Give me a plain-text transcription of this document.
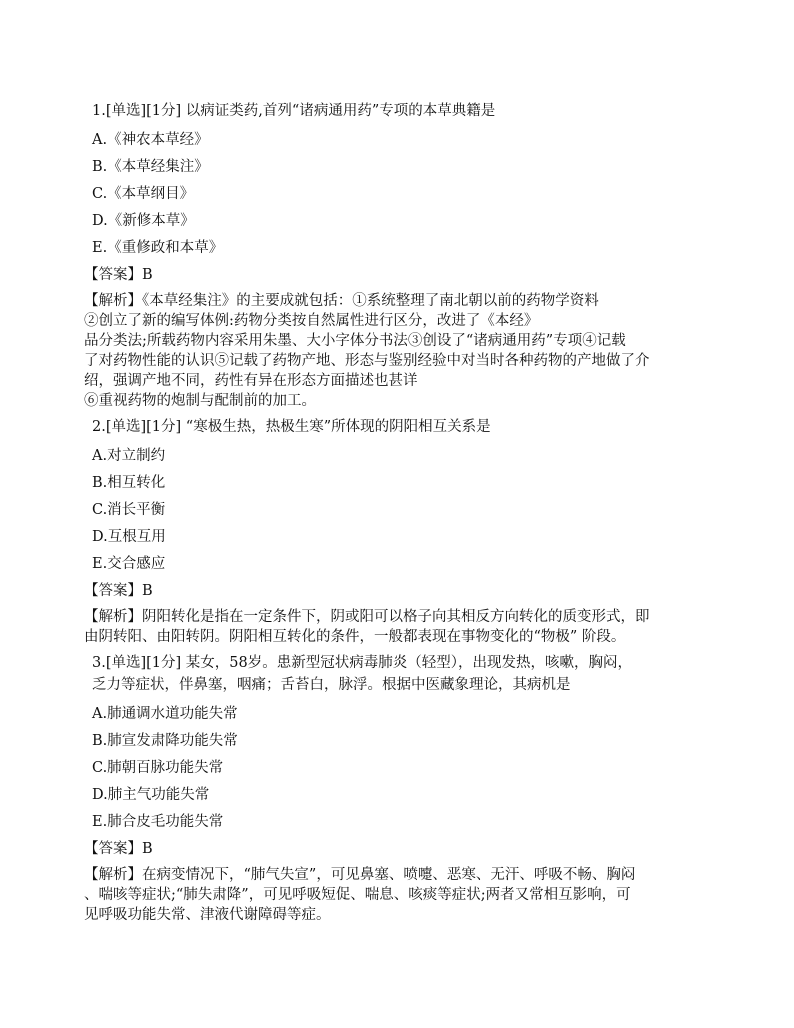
1.[单选][1分] 以病证类药,首列“诸病通用药”专项的本草典籍是

A.《神农本草经》

B.《本草经集注》

C.《本草纲目》

D.《新修本草》

E.《重修政和本草》

【答案】B

【解析】《本草经集注》的主要成就包括：①系统整理了南北朝以前的药物学资料
②创立了新的编写体例:药物分类按自然属性进行区分，改进了《本经》
品分类法;所载药物内容采用朱墨、大小字体分书法③创设了“诸病通用药”专项④记载
了对药物性能的认识⑤记载了药物产地、形态与鉴别经验中对当时各种药物的产地做了介
绍，强调产地不同，药性有异在形态方面描述也甚详
⑥重视药物的炮制与配制前的加工。

2.[单选][1分] “寒极生热，热极生寒”所体现的阴阳相互关系是

A.对立制约

B.相互转化

C.消长平衡

D.互根互用

E.交合感应

【答案】B

【解析】阴阳转化是指在一定条件下，阴或阳可以格子向其相反方向转化的质变形式，即
由阴转阳、由阳转阴。阴阳相互转化的条件，一般都表现在事物变化的“物极” 阶段。

3.[单选][1分] 某女，58岁。患新型冠状病毒肺炎（轻型），出现发热，咳嗽，胸闷，

乏力等症状，伴鼻塞，咽痛；舌苔白，脉浮。根据中医藏象理论，其病机是

A.肺通调水道功能失常

B.肺宣发肃降功能失常

C.肺朝百脉功能失常

D.肺主气功能失常

E.肺合皮毛功能失常

【答案】B

【解析】在病变情况下，“肺气失宣”，可见鼻塞、喷嚏、恶寒、无汗、呼吸不畅、胸闷
、喘咳等症状;“肺失肃降”，可见呼吸短促、喘息、咳痰等症状;两者又常相互影响，可
见呼吸功能失常、津液代谢障碍等症。
